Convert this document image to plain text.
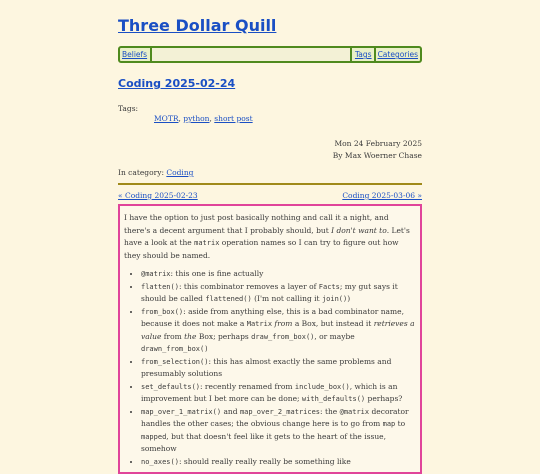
Three Dollar Quill
Beliefs	Tags Categories
Coding 2025-02-24
Tags:
MOTR, python, short post
Mon 24 February 2025
By Max Woerner Chase
In category: Coding
« Coding 2025-02-23	Coding 2025-03-06 »

I have the option to just post basically nothing and call it a night, and there's a decent argument that I probably should, but I don't want to. Let's have a look at the matrix operation names so I can try to figure out how they should be named.

• @matrix: this one is fine actually
• flatten(): this combinator removes a layer of Facts; my gut says it should be called flattened() (I'm not calling it join())
• from_box(): aside from anything else, this is a bad combinator name, because it does not make a Matrix from a Box, but instead it retrieves a value from the Box; perhaps draw_from_box(), or maybe drawn_from_box()
• from_selection(): this has almost exactly the same problems and presumably solutions
• set_defaults(): recently renamed from include_box(), which is an improvement but I bet more can be done; with_defaults() perhaps?
• map_over_1_matrix() and map_over_2_matrices: the @matrix decorator handles the other cases; the obvious change here is to go from map to mapped, but that doesn't feel like it gets to the heart of the issue, somehow
• no_axes(): should really really really be something like
